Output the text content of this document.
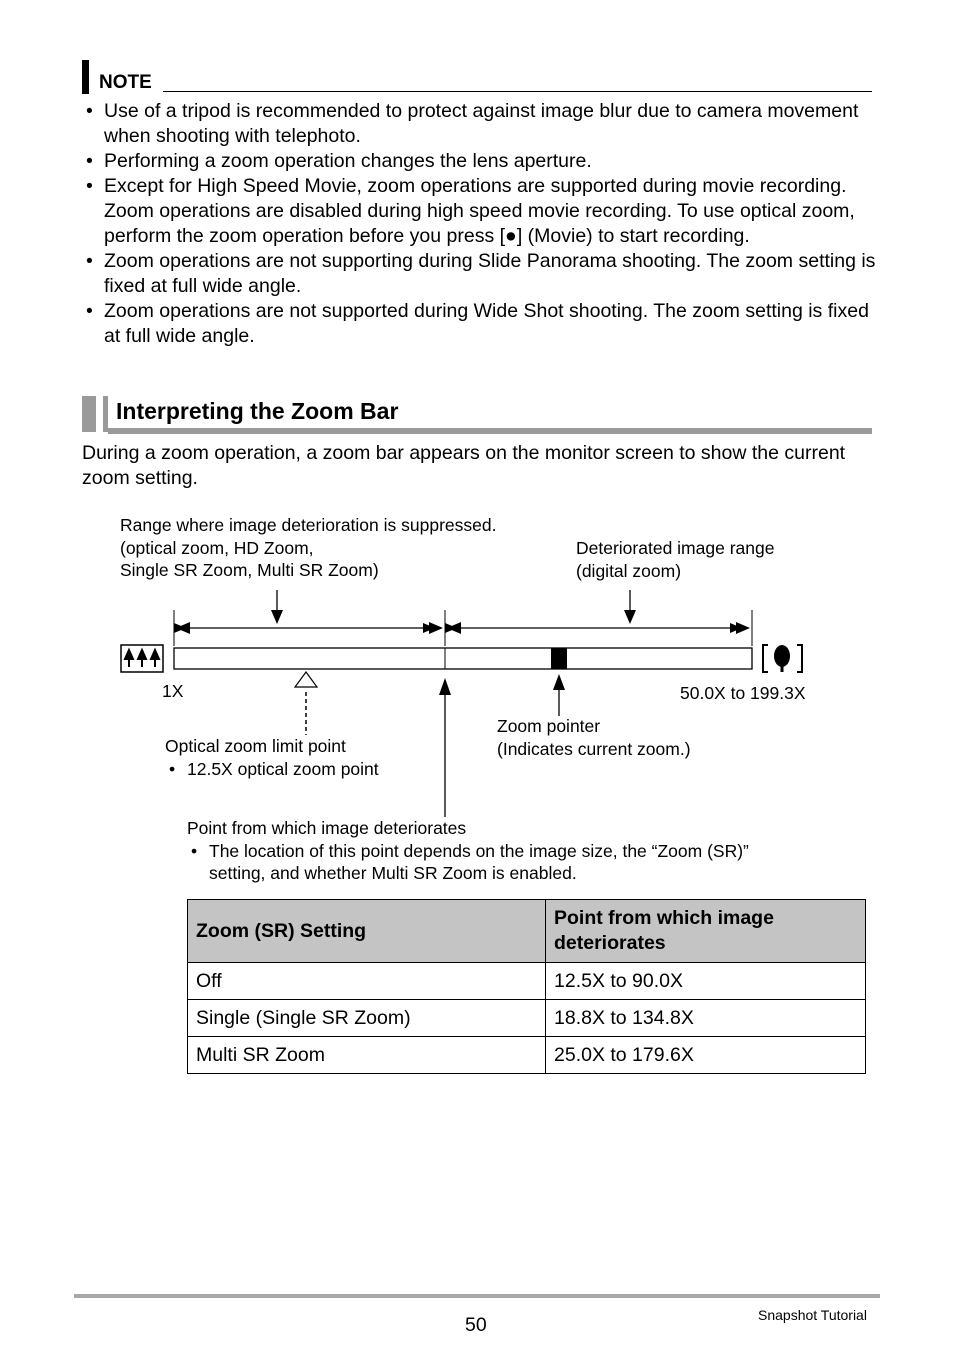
NOTE
• Use of a tripod is recommended to protect against image blur due to camera movement when shooting with telephoto.
• Performing a zoom operation changes the lens aperture.
• Except for High Speed Movie, zoom operations are supported during movie recording. Zoom operations are disabled during high speed movie recording. To use optical zoom, perform the zoom operation before you press [●] (Movie) to start recording.
• Zoom operations are not supporting during Slide Panorama shooting. The zoom setting is fixed at full wide angle.
• Zoom operations are not supported during Wide Shot shooting. The zoom setting is fixed at full wide angle.
Interpreting the Zoom Bar
During a zoom operation, a zoom bar appears on the monitor screen to show the current zoom setting.
Range where image deterioration is suppressed.
(optical zoom, HD Zoom,
Single SR Zoom, Multi SR Zoom)
Deteriorated image range
(digital zoom)
1X	50.0X to 199.3X
Zoom pointer
(Indicates current zoom.)
Optical zoom limit point
• 12.5X optical zoom point
Point from which image deteriorates
• The location of this point depends on the image size, the “Zoom (SR)”
setting, and whether Multi SR Zoom is enabled.
Zoom (SR) Setting	Point from which image deteriorates
Off	12.5X to 90.0X
Single (Single SR Zoom)	18.8X to 134.8X
Multi SR Zoom	25.0X to 179.6X
50	Snapshot Tutorial
